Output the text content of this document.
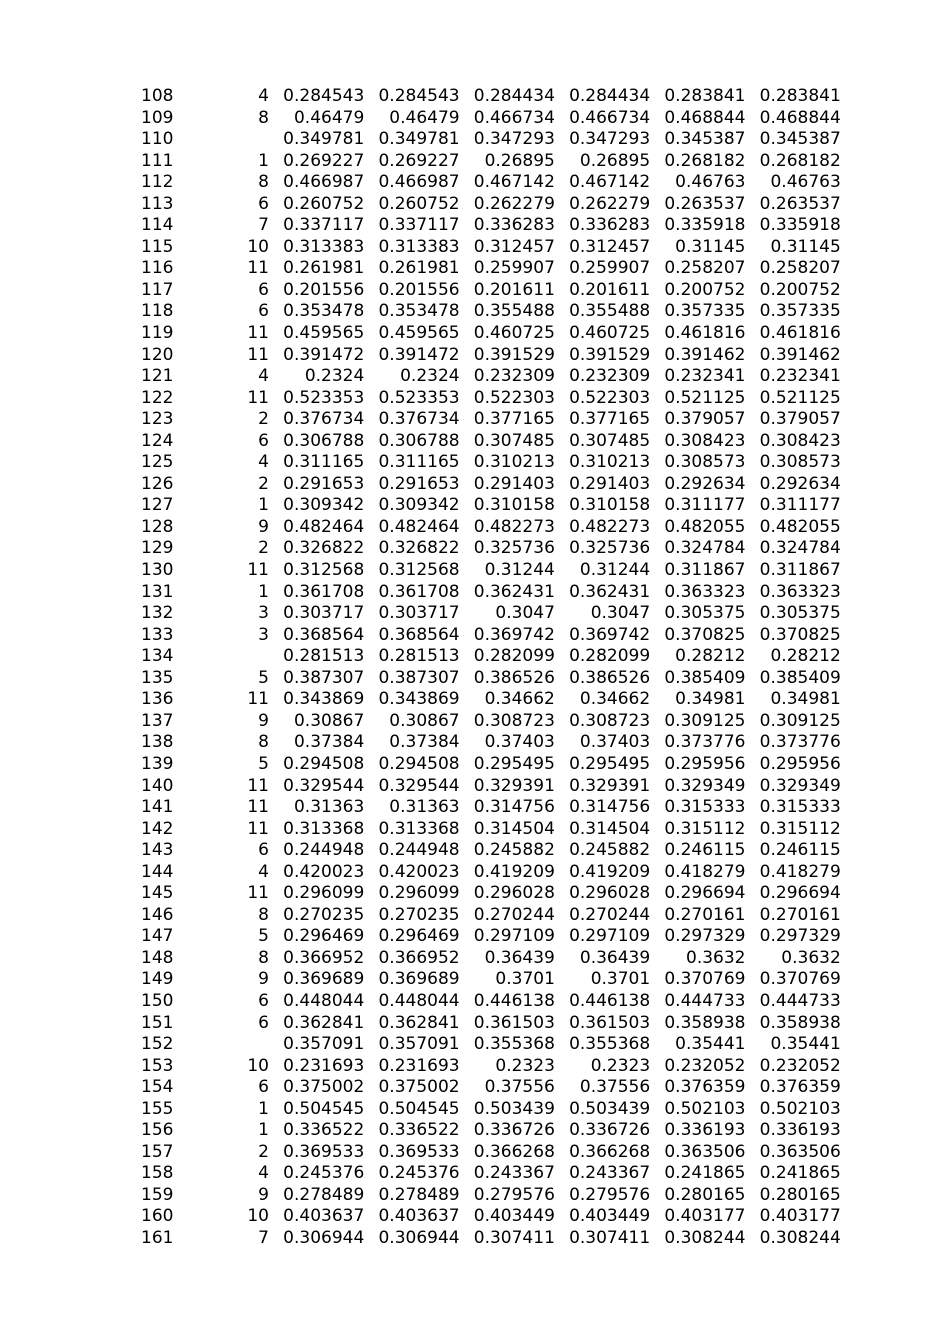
108	4	0.284543	0.284543	0.284434	0.284434	0.283841	0.283841
109	8	0.46479	0.46479	0.466734	0.466734	0.468844	0.468844
110		0.349781	0.349781	0.347293	0.347293	0.345387	0.345387
111	1	0.269227	0.269227	0.26895	0.26895	0.268182	0.268182
112	8	0.466987	0.466987	0.467142	0.467142	0.46763	0.46763
113	6	0.260752	0.260752	0.262279	0.262279	0.263537	0.263537
114	7	0.337117	0.337117	0.336283	0.336283	0.335918	0.335918
115	10	0.313383	0.313383	0.312457	0.312457	0.31145	0.31145
116	11	0.261981	0.261981	0.259907	0.259907	0.258207	0.258207
117	6	0.201556	0.201556	0.201611	0.201611	0.200752	0.200752
118	6	0.353478	0.353478	0.355488	0.355488	0.357335	0.357335
119	11	0.459565	0.459565	0.460725	0.460725	0.461816	0.461816
120	11	0.391472	0.391472	0.391529	0.391529	0.391462	0.391462
121	4	0.2324	0.2324	0.232309	0.232309	0.232341	0.232341
122	11	0.523353	0.523353	0.522303	0.522303	0.521125	0.521125
123	2	0.376734	0.376734	0.377165	0.377165	0.379057	0.379057
124	6	0.306788	0.306788	0.307485	0.307485	0.308423	0.308423
125	4	0.311165	0.311165	0.310213	0.310213	0.308573	0.308573
126	2	0.291653	0.291653	0.291403	0.291403	0.292634	0.292634
127	1	0.309342	0.309342	0.310158	0.310158	0.311177	0.311177
128	9	0.482464	0.482464	0.482273	0.482273	0.482055	0.482055
129	2	0.326822	0.326822	0.325736	0.325736	0.324784	0.324784
130	11	0.312568	0.312568	0.31244	0.31244	0.311867	0.311867
131	1	0.361708	0.361708	0.362431	0.362431	0.363323	0.363323
132	3	0.303717	0.303717	0.3047	0.3047	0.305375	0.305375
133	3	0.368564	0.368564	0.369742	0.369742	0.370825	0.370825
134		0.281513	0.281513	0.282099	0.282099	0.28212	0.28212
135	5	0.387307	0.387307	0.386526	0.386526	0.385409	0.385409
136	11	0.343869	0.343869	0.34662	0.34662	0.34981	0.34981
137	9	0.30867	0.30867	0.308723	0.308723	0.309125	0.309125
138	8	0.37384	0.37384	0.37403	0.37403	0.373776	0.373776
139	5	0.294508	0.294508	0.295495	0.295495	0.295956	0.295956
140	11	0.329544	0.329544	0.329391	0.329391	0.329349	0.329349
141	11	0.31363	0.31363	0.314756	0.314756	0.315333	0.315333
142	11	0.313368	0.313368	0.314504	0.314504	0.315112	0.315112
143	6	0.244948	0.244948	0.245882	0.245882	0.246115	0.246115
144	4	0.420023	0.420023	0.419209	0.419209	0.418279	0.418279
145	11	0.296099	0.296099	0.296028	0.296028	0.296694	0.296694
146	8	0.270235	0.270235	0.270244	0.270244	0.270161	0.270161
147	5	0.296469	0.296469	0.297109	0.297109	0.297329	0.297329
148	8	0.366952	0.366952	0.36439	0.36439	0.3632	0.3632
149	9	0.369689	0.369689	0.3701	0.3701	0.370769	0.370769
150	6	0.448044	0.448044	0.446138	0.446138	0.444733	0.444733
151	6	0.362841	0.362841	0.361503	0.361503	0.358938	0.358938
152		0.357091	0.357091	0.355368	0.355368	0.35441	0.35441
153	10	0.231693	0.231693	0.2323	0.2323	0.232052	0.232052
154	6	0.375002	0.375002	0.37556	0.37556	0.376359	0.376359
155	1	0.504545	0.504545	0.503439	0.503439	0.502103	0.502103
156	1	0.336522	0.336522	0.336726	0.336726	0.336193	0.336193
157	2	0.369533	0.369533	0.366268	0.366268	0.363506	0.363506
158	4	0.245376	0.245376	0.243367	0.243367	0.241865	0.241865
159	9	0.278489	0.278489	0.279576	0.279576	0.280165	0.280165
160	10	0.403637	0.403637	0.403449	0.403449	0.403177	0.403177
161	7	0.306944	0.306944	0.307411	0.307411	0.308244	0.308244
